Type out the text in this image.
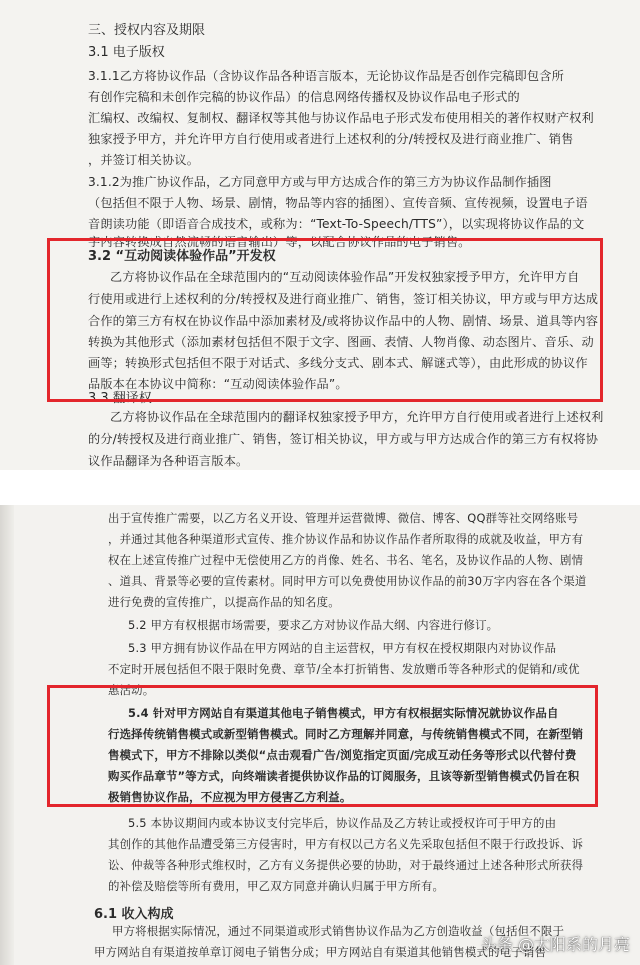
三、授权内容及期限
3.1 电子版权
3.1.1乙方将协议作品（含协议作品各种语言版本，无论协议作品是否创作完稿即包含所
有创作完稿和未创作完稿的协议作品）的信息网络传播权及协议作品电子形式的
汇编权、改编权、复制权、翻译权等其他与协议作品电子形式发布使用相关的著作权财产权利
独家授予甲方，并允许甲方自行使用或者进行上述权利的分/转授权及进行商业推广、销售
，并签订相关协议。
3.1.2为推广协议作品，乙方同意甲方或与甲方达成合作的第三方为协议作品制作插图
（包括但不限于人物、场景、剧情，物品等内容的插图）、宣传音频、宣传视频，设置电子语
音朗读功能（即语音合成技术，或称为：“Text-To-Speech/TTS”），以实现将协议作品的文
字内容转换成自然流畅的语音输出）等，以配合协议作品的电子销售。
3.2 “互动阅读体验作品”开发权
乙方将协议作品在全球范围内的“互动阅读体验作品”开发权独家授予甲方，允许甲方自
行使用或进行上述权利的分/转授权及进行商业推广、销售，签订相关协议，甲方或与甲方达成
合作的第三方有权在协议作品中添加素材及/或将协议作品中的人物、剧情、场景、道具等内容
转换为其他形式（添加素材包括但不限于文字、图画、表情、人物肖像、动态图片、音乐、动
画等；转换形式包括但不限于对话式、多线分支式、剧本式、解谜式等），由此形成的协议作
品版本在本协议中简称：“互动阅读体验作品”。
乙方将协议作品在全球范围内的翻译权独家授予甲方，允许甲方自行使用或者进行上述权利
的分/转授权及进行商业推广、销售，签订相关协议，甲方或与甲方达成合作的第三方有权将协
议作品翻译为各种语言版本。
出于宣传推广需要，以乙方名义开设、管理并运营微博、微信、博客、QQ群等社交网络账号
，并通过其他各种渠道形式宣传、推介协议作品和协议作品作者所取得的成就及收益，甲方有
权在上述宣传推广过程中无偿使用乙方的肖像、姓名、书名、笔名，及协议作品的人物、剧情
、道具、背景等必要的宣传素材。同时甲方可以免费使用协议作品的前30万字内容在各个渠道
进行免费的宣传推广，以提高作品的知名度。
5.2 甲方有权根据市场需要，要求乙方对协议作品大纲、内容进行修订。
5.3 甲方拥有协议作品在甲方网站的自主运营权，甲方有权在授权期限内对协议作品
不定时开展包括但不限于限时免费、章节/全本打折销售、发放赠币等各种形式的促销和/或优
惠活动。
5.4 针对甲方网站自有渠道其他电子销售模式，甲方有权根据实际情况就协议作品自
行选择传统销售模式或新型销售模式。同时乙方理解并同意，与传统销售模式不同，在新型销
售模式下，甲方不排除以类似“点击观看广告/浏览指定页面/完成互动任务等形式以代替付费
购买作品章节”等方式，向终端读者提供协议作品的订阅服务，且该等新型销售模式仍旨在积
极销售协议作品，不应视为甲方侵害乙方利益。
5.5 本协议期间内或本协议支付完毕后，协议作品及乙方转让或授权许可于甲方的由
其创作的其他作品遭受第三方侵害时，甲方有权以己方名义先采取包括但不限于行政投诉、诉
讼、仲裁等各种形式维权时，乙方有义务提供必要的协助，对于最终通过上述各种形式所获得
的补偿及赔偿等所有费用，甲乙双方同意并确认归属于甲方所有。
6.1 收入构成
甲方将根据实际情况，通过不同渠道或形式销售协议作品为乙方创造收益（包括但不限于
甲方网站自有渠道按单章订阅电子销售分成；甲方网站自有渠道其他销售模式的电子销售
头条 @太阳系的月亮
